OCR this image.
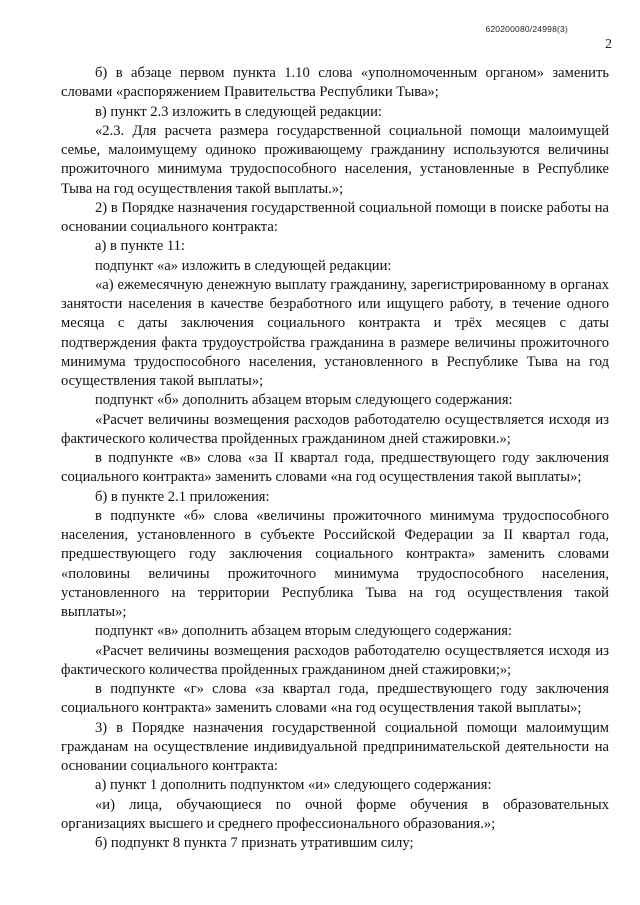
620200080/24998(3)
2

б) в абзаце первом пункта 1.10 слова «уполномоченным органом» заменить словами «распоряжением Правительства Республики Тыва»;

в) пункт 2.3 изложить в следующей редакции:

«2.3. Для расчета размера государственной социальной помощи малоимущей семье, малоимущему одиноко проживающему гражданину используются величины прожиточного минимума трудоспособного населения, установленные в Республике Тыва на год осуществления такой выплаты.»;

2) в Порядке назначения государственной социальной помощи в поиске работы на основании социального контракта:

а) в пункте 11:

подпункт «а» изложить в следующей редакции:

«а) ежемесячную денежную выплату гражданину, зарегистрированному в органах занятости населения в качестве безработного или ищущего работу, в течение одного месяца с даты заключения социального контракта и трёх месяцев с даты подтверждения факта трудоустройства гражданина в размере величины прожиточного минимума трудоспособного населения, установленного в Республике Тыва на год осуществления такой выплаты»;

подпункт «б» дополнить абзацем вторым следующего содержания:

«Расчет величины возмещения расходов работодателю осуществляется исходя из фактического количества пройденных гражданином дней стажировки.»;

в подпункте «в» слова «за II квартал года, предшествующего году заключения социального контракта» заменить словами «на год осуществления такой выплаты»;

б) в пункте 2.1 приложения:

в подпункте «б» слова «величины прожиточного минимума трудоспособного населения, установленного в субъекте Российской Федерации за II квартал года, предшествующего году заключения социального контракта» заменить словами «половины величины прожиточного минимума трудоспособного населения, установленного на территории Республика Тыва на год осуществления такой выплаты»;

подпункт «в» дополнить абзацем вторым следующего содержания:

«Расчет величины возмещения расходов работодателю осуществляется исходя из фактического количества пройденных гражданином дней стажировки;»;

в подпункте «г» слова «за квартал года, предшествующего году заключения социального контракта» заменить словами «на год осуществления такой выплаты»;

3) в Порядке назначения государственной социальной помощи малоимущим гражданам на осуществление индивидуальной предпринимательской деятельности на основании социального контракта:

а) пункт 1 дополнить подпунктом «и» следующего содержания:

«и) лица, обучающиеся по очной форме обучения в образовательных организациях высшего и среднего профессионального образования.»;

б) подпункт 8 пункта 7 признать утратившим силу;
